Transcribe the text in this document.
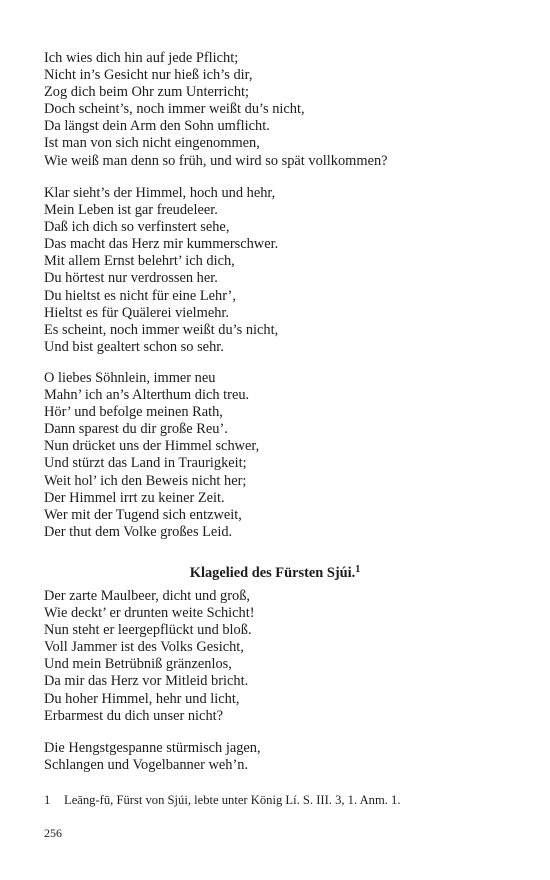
Ich wies dich hin auf jede Pflicht;
Nicht in’s Gesicht nur hieß ich’s dir,
Zog dich beim Ohr zum Unterricht;
Doch scheint’s, noch immer weißt du’s nicht,
Da längst dein Arm den Sohn umflicht.
Ist man von sich nicht eingenommen,
Wie weiß man denn so früh, und wird so spät vollkommen?
Klar sieht’s der Himmel, hoch und hehr,
Mein Leben ist gar freudeleer.
Daß ich dich so verfinstert sehe,
Das macht das Herz mir kummerschwer.
Mit allem Ernst belehrt’ ich dich,
Du hörtest nur verdrossen her.
Du hieltst es nicht für eine Lehr’,
Hieltst es für Quälerei vielmehr.
Es scheint, noch immer weißt du’s nicht,
Und bist gealtert schon so sehr.
O liebes Söhnlein, immer neu
Mahn’ ich an’s Alterthum dich treu.
Hör’ und befolge meinen Rath,
Dann sparest du dir große Reu’.
Nun drücket uns der Himmel schwer,
Und stürzt das Land in Traurigkeit;
Weit hol’ ich den Beweis nicht her;
Der Himmel irrt zu keiner Zeit.
Wer mit der Tugend sich entzweit,
Der thut dem Volke großes Leid.
Klagelied des Fürsten Sjúi.$^1$
Der zarte Maulbeer, dicht und groß,
Wie deckt’ er drunten weite Schicht!
Nun steht er leergepflückt und bloß.
Voll Jammer ist des Volks Gesicht,
Und mein Betrübniß gränzenlos,
Da mir das Herz vor Mitleid bricht.
Du hoher Himmel, hehr und licht,
Erbarmest du dich unser nicht?
Die Hengstgespanne stürmisch jagen,
Schlangen und Vogelbanner weh’n.
1 Leāng-fū, Fürst von Sjúi, lebte unter König Lí. S. III. 3, 1. Anm. 1.
256
